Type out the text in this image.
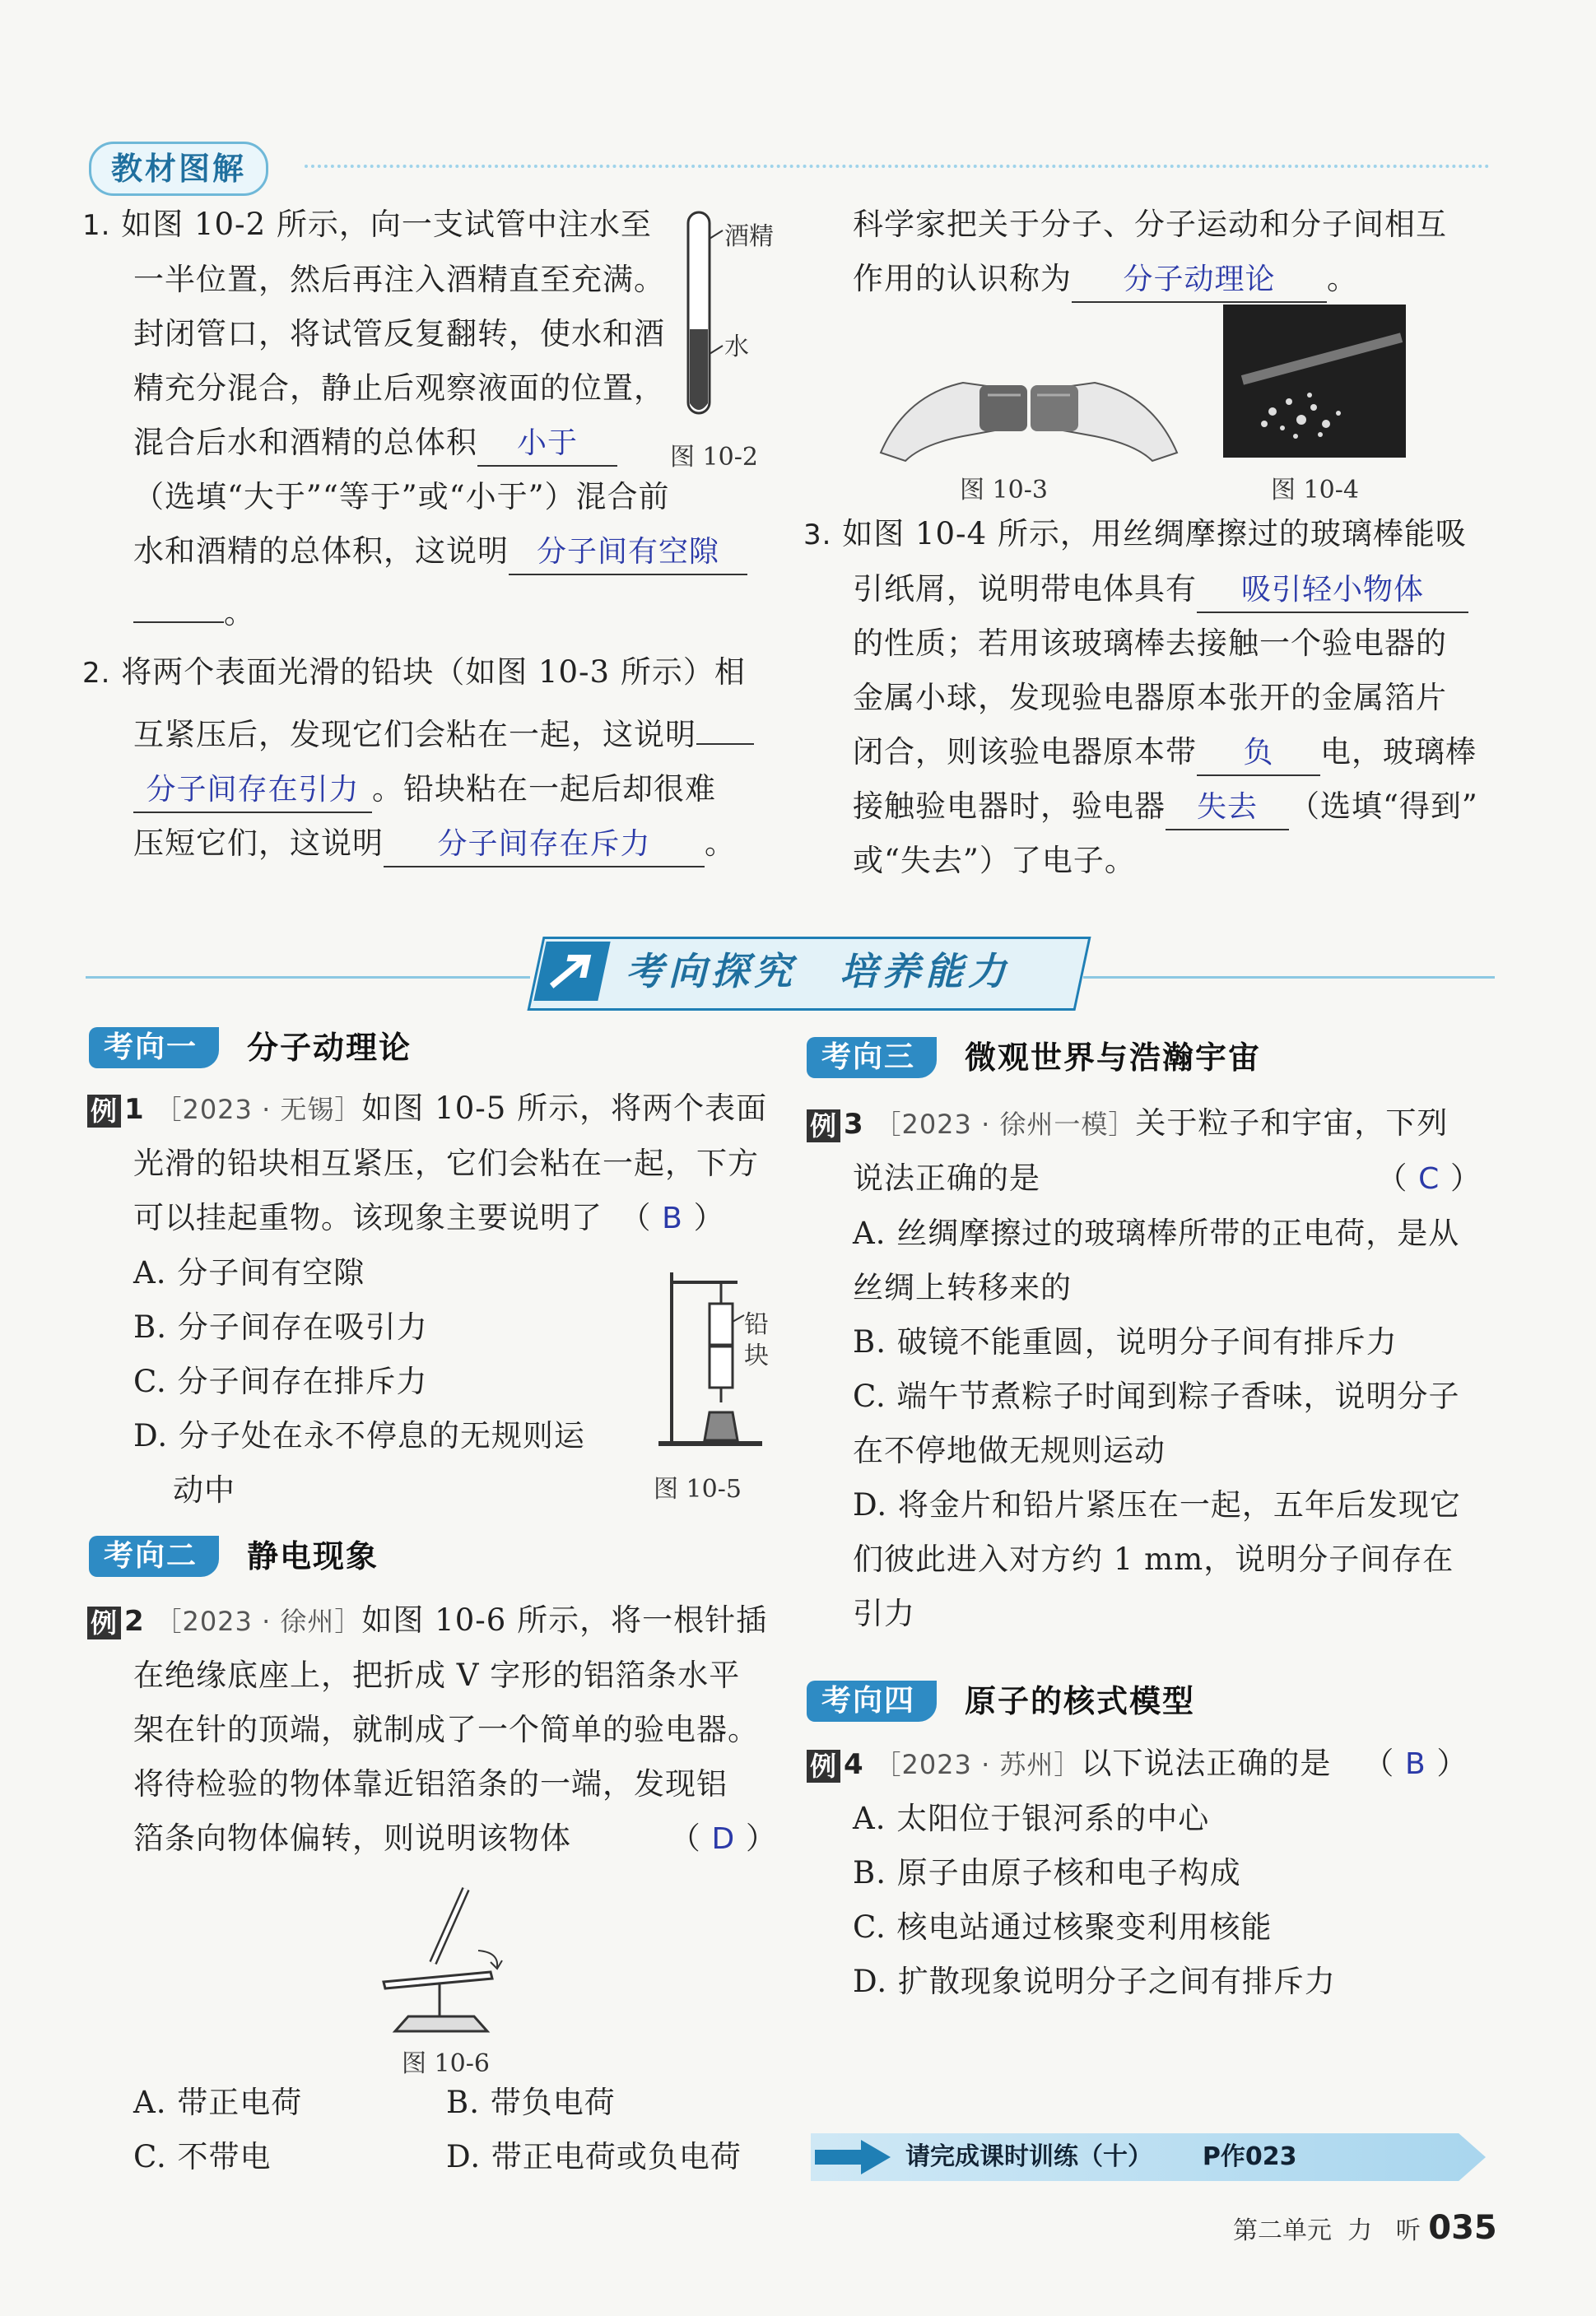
教材图解
1. 如图 10-2 所示，向一支试管中注水至
一半位置，然后再注入酒精直至充满。
封闭管口，将试管反复翻转，使水和酒
精充分混合，静止后观察液面的位置，
混合后水和酒精的总体积 小于
（选填“大于”“等于”或“小于”）混合前
水和酒精的总体积，这说明 分子间有空隙
。
酒精
水
图 10-2
2. 将两个表面光滑的铅块（如图 10-3 所示）相
互紧压后，发现它们会粘在一起，这说明
分子间存在引力 。铅块粘在一起后却很难
压短它们，这说明 分子间存在斥力 。
科学家把关于分子、分子运动和分子间相互
作用的认识称为 分子动理论 。
图 10-3	图 10-4
3. 如图 10-4 所示，用丝绸摩擦过的玻璃棒能吸
引纸屑，说明带电体具有 吸引轻小物体
的性质；若用该玻璃棒去接触一个验电器的
金属小球，发现验电器原本张开的金属箔片
闭合，则该验电器原本带 负 电，玻璃棒
接触验电器时，验电器 失去 （选填“得到”
或“失去”）了电子。
考向探究　培养能力
考向一	分子动理论
例 1 ［2023 · 无锡］如图 10-5 所示，将两个表面
光滑的铅块相互紧压，它们会粘在一起，下方
可以挂起重物。该现象主要说明了 （ B ）
A. 分子间有空隙
B. 分子间存在吸引力
C. 分子间存在排斥力
D. 分子处在永不停息的无规则运
动中
铅
块
图 10-5
考向二	静电现象
例 2 ［2023 · 徐州］如图 10-6 所示，将一根针插
在绝缘底座上，把折成 V 字形的铝箔条水平
架在针的顶端，就制成了一个简单的验电器。
将待检验的物体靠近铝箔条的一端，发现铝
箔条向物体偏转，则说明该物体	（ D ）
图 10-6
A. 带正电荷	B. 带负电荷
C. 不带电	D. 带正电荷或负电荷
考向三	微观世界与浩瀚宇宙
例 3 ［2023 · 徐州一模］关于粒子和宇宙，下列
说法正确的是	（ C ）
A. 丝绸摩擦过的玻璃棒所带的正电荷，是从
丝绸上转移来的
B. 破镜不能重圆，说明分子间有排斥力
C. 端午节煮粽子时闻到粽子香味，说明分子
在不停地做无规则运动
D. 将金片和铅片紧压在一起，五年后发现它
们彼此进入对方约 1 mm，说明分子间存在
引力
考向四	原子的核式模型
例 4 ［2023 · 苏州］以下说法正确的是 （ B ）
A. 太阳位于银河系的中心
B. 原子由原子核和电子构成
C. 核电站通过核聚变利用核能
D. 扩散现象说明分子之间有排斥力
请完成课时训练（十） P作023
第二单元 力 听 035
